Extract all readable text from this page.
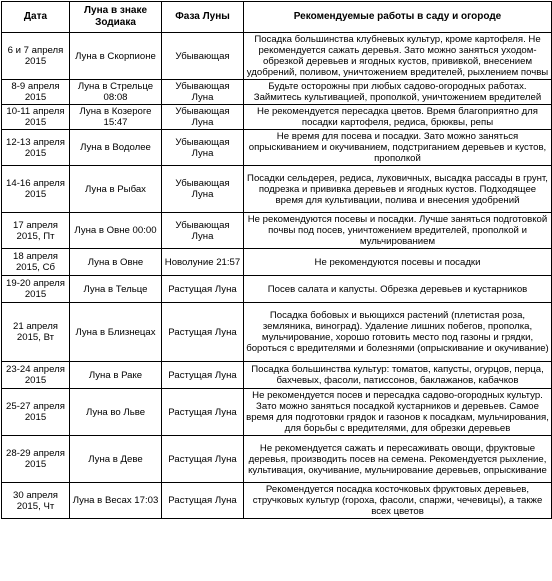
Дата	Луна в знаке Зодиака	Фаза Луны	Рекомендуемые работы в саду и огороде
6 и 7 апреля 2015	Луна в Скорпионе	Убывающая	Посадка большинства клубневых культур, кроме картофеля. Не рекомендуется сажать деревья. Зато можно заняться уходом-обрезкой деревьев и ягодных кустов, прививкой, внесением удобрений, поливом, уничтожением вредителей, рыхлением почвы
8-9 апреля 2015	Луна в Стрельце 08:08	Убывающая Луна	Будьте осторожны при любых садово-огородных работах. Займитесь культивацией, прополкой, уничтожением вредителей
10-11 апреля 2015	Луна в Козероге 15:47	Убывающая Луна	Не рекомендуется пересадка цветов. Время благоприятно для посадки картофеля, редиса, брюквы, репы
12-13 апреля 2015	Луна в Водолее	Убывающая Луна	Не время для посева и посадки. Зато можно заняться опрыскиванием и окучиванием, подстриганием деревьев и кустов, прополкой
14-16 апреля 2015	Луна в Рыбах	Убывающая Луна	Посадки сельдерея, редиса, луковичных, высадка рассады в грунт, подрезка и прививка деревьев и ягодных кустов. Подходящее время для культивации, полива и внесения удобрений
17 апреля 2015, Пт	Луна в Овне 00:00	Убывающая Луна	Не рекомендуются посевы и посадки. Лучше заняться подготовкой почвы под посев, уничтожением вредителей, прополкой и мульчированием
18 апреля 2015, Сб	Луна в Овне	Новолуние 21:57	Не рекомендуются посевы и посадки
19-20 апреля 2015	Луна в Тельце	Растущая Луна	Посев салата и капусты. Обрезка деревьев и кустарников
21 апреля 2015, Вт	Луна в Близнецах	Растущая Луна	Посадка бобовых и вьющихся растений (плетистая роза, земляника, виноград). Удаление лишних побегов, прополка, мульчирование, хорошо готовить место под газоны и грядки, бороться с вредителями и болезнями (опрыскивание и окучивание)
23-24 апреля 2015	Луна в Раке	Растущая Луна	Посадка большинства культур: томатов, капусты, огурцов, перца, бахчевых, фасоли, патиссонов, баклажанов, кабачков
25-27 апреля 2015	Луна во Льве	Растущая Луна	Не рекомендуется посев и пересадка садово-огородных культур. Зато можно заняться посадкой кустарников и деревьев. Самое время для подготовки грядок и газонов к посадкам, мульчирования, для борьбы с вредителями, для обрезки деревьев
28-29 апреля 2015	Луна в Деве	Растущая Луна	Не рекомендуется сажать и пересаживать овощи, фруктовые деревья, производить посев на семена. Рекомендуется рыхление, культивация, окучивание, мульчирование деревьев, опрыскивание
30 апреля 2015, Чт	Луна в Весах 17:03	Растущая Луна	Рекомендуется посадка косточковых фруктовых деревьев, стручковых культур (гороха, фасоли, спаржи, чечевицы), а также всех цветов
